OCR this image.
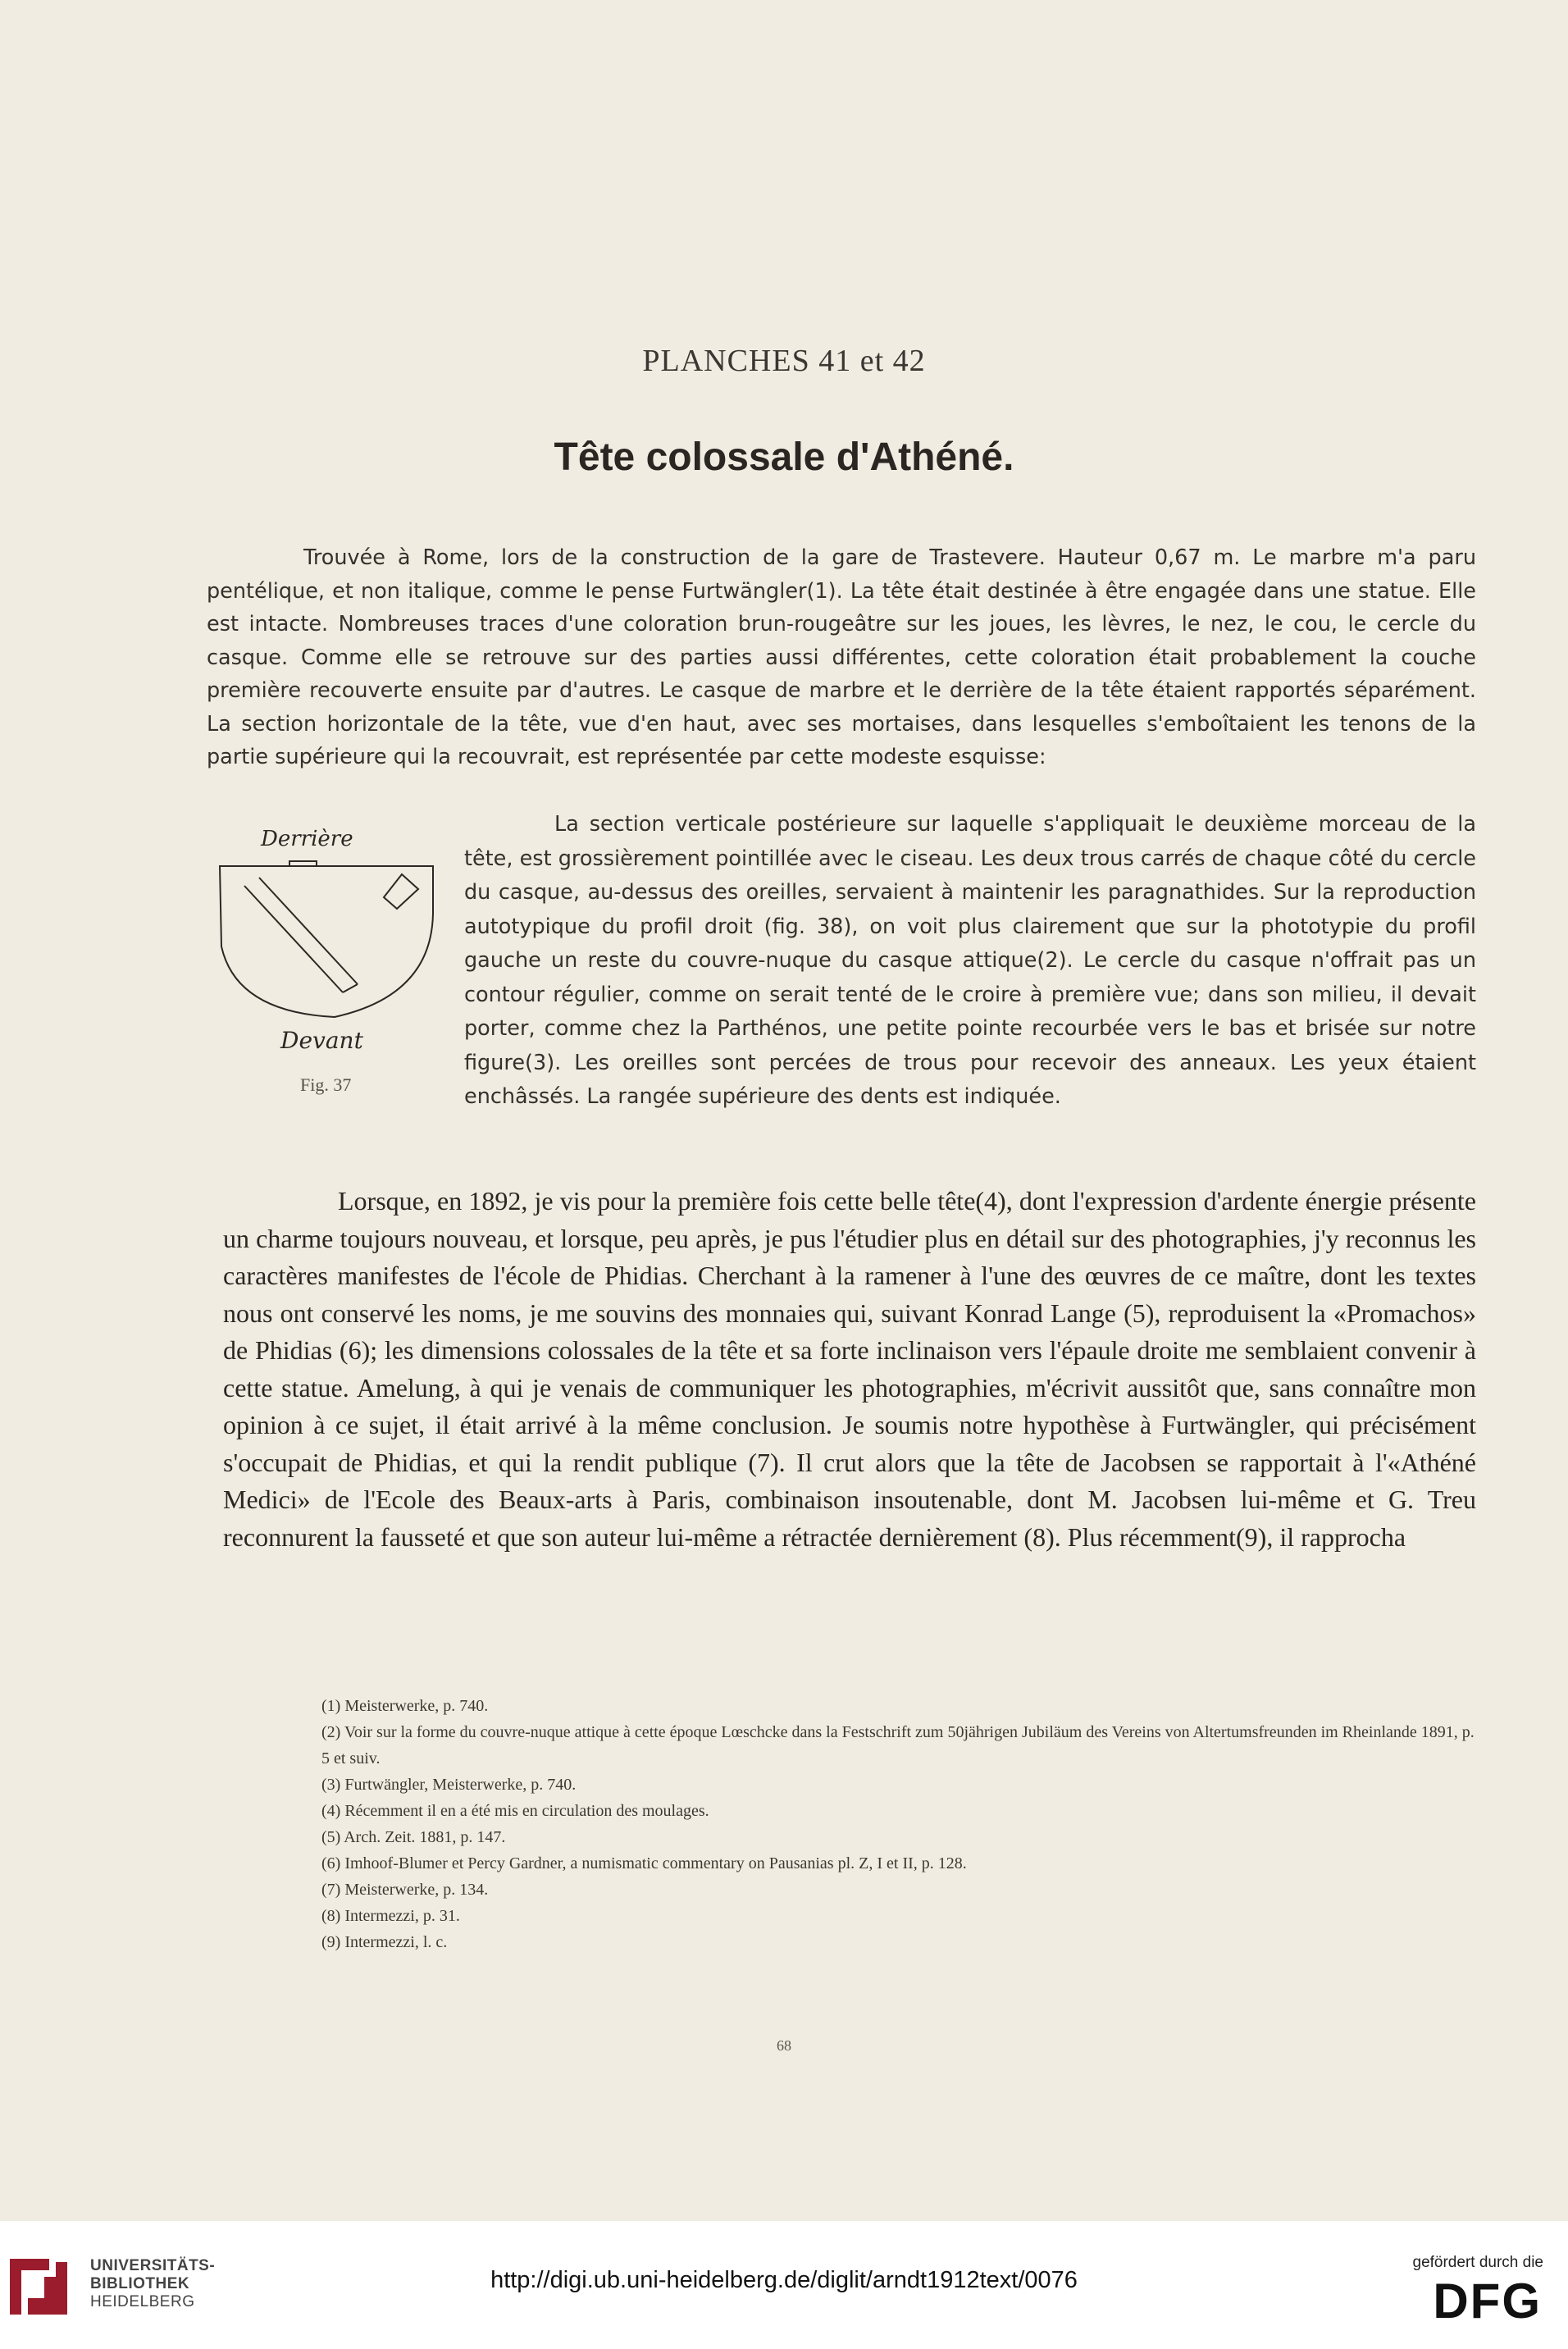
PLANCHES 41 et 42
Tête colossale d'Athéné.

Trouvée à Rome, lors de la construction de la gare de Trastevere. Hauteur 0,67 m. Le marbre m'a paru pentélique, et non italique, comme le pense Furtwängler(1). La tête était destinée à être engagée dans une statue. Elle est intacte. Nombreuses traces d'une coloration brun-rougeâtre sur les joues, les lèvres, le nez, le cou, le cercle du casque. Comme elle se retrouve sur des parties aussi différentes, cette coloration était probablement la couche première recouverte ensuite par d'autres. Le casque de marbre et le derrière de la tête étaient rapportés séparément. La section horizontale de la tête, vue d'en haut, avec ses mortaises, dans lesquelles s'emboîtaient les tenons de la partie supérieure qui la recouvrait, est représentée par cette modeste esquisse:

Derrière
Devant
Fig. 37

La section verticale postérieure sur laquelle s'appliquait le deuxième morceau de la tête, est grossièrement pointillée avec le ciseau. Les deux trous carrés de chaque côté du cercle du casque, au-dessus des oreilles, servaient à maintenir les paragnathides. Sur la reproduction autotypique du profil droit (fig. 38), on voit plus clairement que sur la phototypie du profil gauche un reste du couvre-nuque du casque attique(2). Le cercle du casque n'offrait pas un contour régulier, comme on serait tenté de le croire à première vue; dans son milieu, il devait porter, comme chez la Parthénos, une petite pointe recourbée vers le bas et brisée sur notre figure(3). Les oreilles sont percées de trous pour recevoir des anneaux. Les yeux étaient enchâssés. La rangée supérieure des dents est indiquée.

Lorsque, en 1892, je vis pour la première fois cette belle tête(4), dont l'expression d'ardente énergie présente un charme toujours nouveau, et lorsque, peu après, je pus l'étudier plus en détail sur des photographies, j'y reconnus les caractères manifestes de l'école de Phidias. Cherchant à la ramener à l'une des œuvres de ce maître, dont les textes nous ont conservé les noms, je me souvins des monnaies qui, suivant Konrad Lange (5), reproduisent la «Promachos» de Phidias (6); les dimensions colossales de la tête et sa forte inclinaison vers l'épaule droite me semblaient convenir à cette statue. Amelung, à qui je venais de communiquer les photographies, m'écrivit aussitôt que, sans connaître mon opinion à ce sujet, il était arrivé à la même conclusion. Je soumis notre hypothèse à Furtwängler, qui précisément s'occupait de Phidias, et qui la rendit publique (7). Il crut alors que la tête de Jacobsen se rapportait à l'«Athéné Medici» de l'Ecole des Beaux-arts à Paris, combinaison insoutenable, dont M. Jacobsen lui-même et G. Treu reconnurent la fausseté et que son auteur lui-même a rétractée dernièrement (8). Plus récemment(9), il rapprocha

(1) Meisterwerke, p. 740.
(2) Voir sur la forme du couvre-nuque attique à cette époque Lœschcke dans la Festschrift zum 50jährigen Jubiläum des Vereins von Altertumsfreunden im Rheinlande 1891, p. 5 et suiv.
(3) Furtwängler, Meisterwerke, p. 740.
(4) Récemment il en a été mis en circulation des moulages.
(5) Arch. Zeit. 1881, p. 147.
(6) Imhoof-Blumer et Percy Gardner, a numismatic commentary on Pausanias pl. Z, I et II, p. 128.
(7) Meisterwerke, p. 134.
(8) Intermezzi, p. 31.
(9) Intermezzi, l. c.
68
UNIVERSITÄTS-
BIBLIOTHEK
HEIDELBERG
http://digi.ub.uni-heidelberg.de/diglit/arndt1912text/0076
gefördert durch die
DFG
